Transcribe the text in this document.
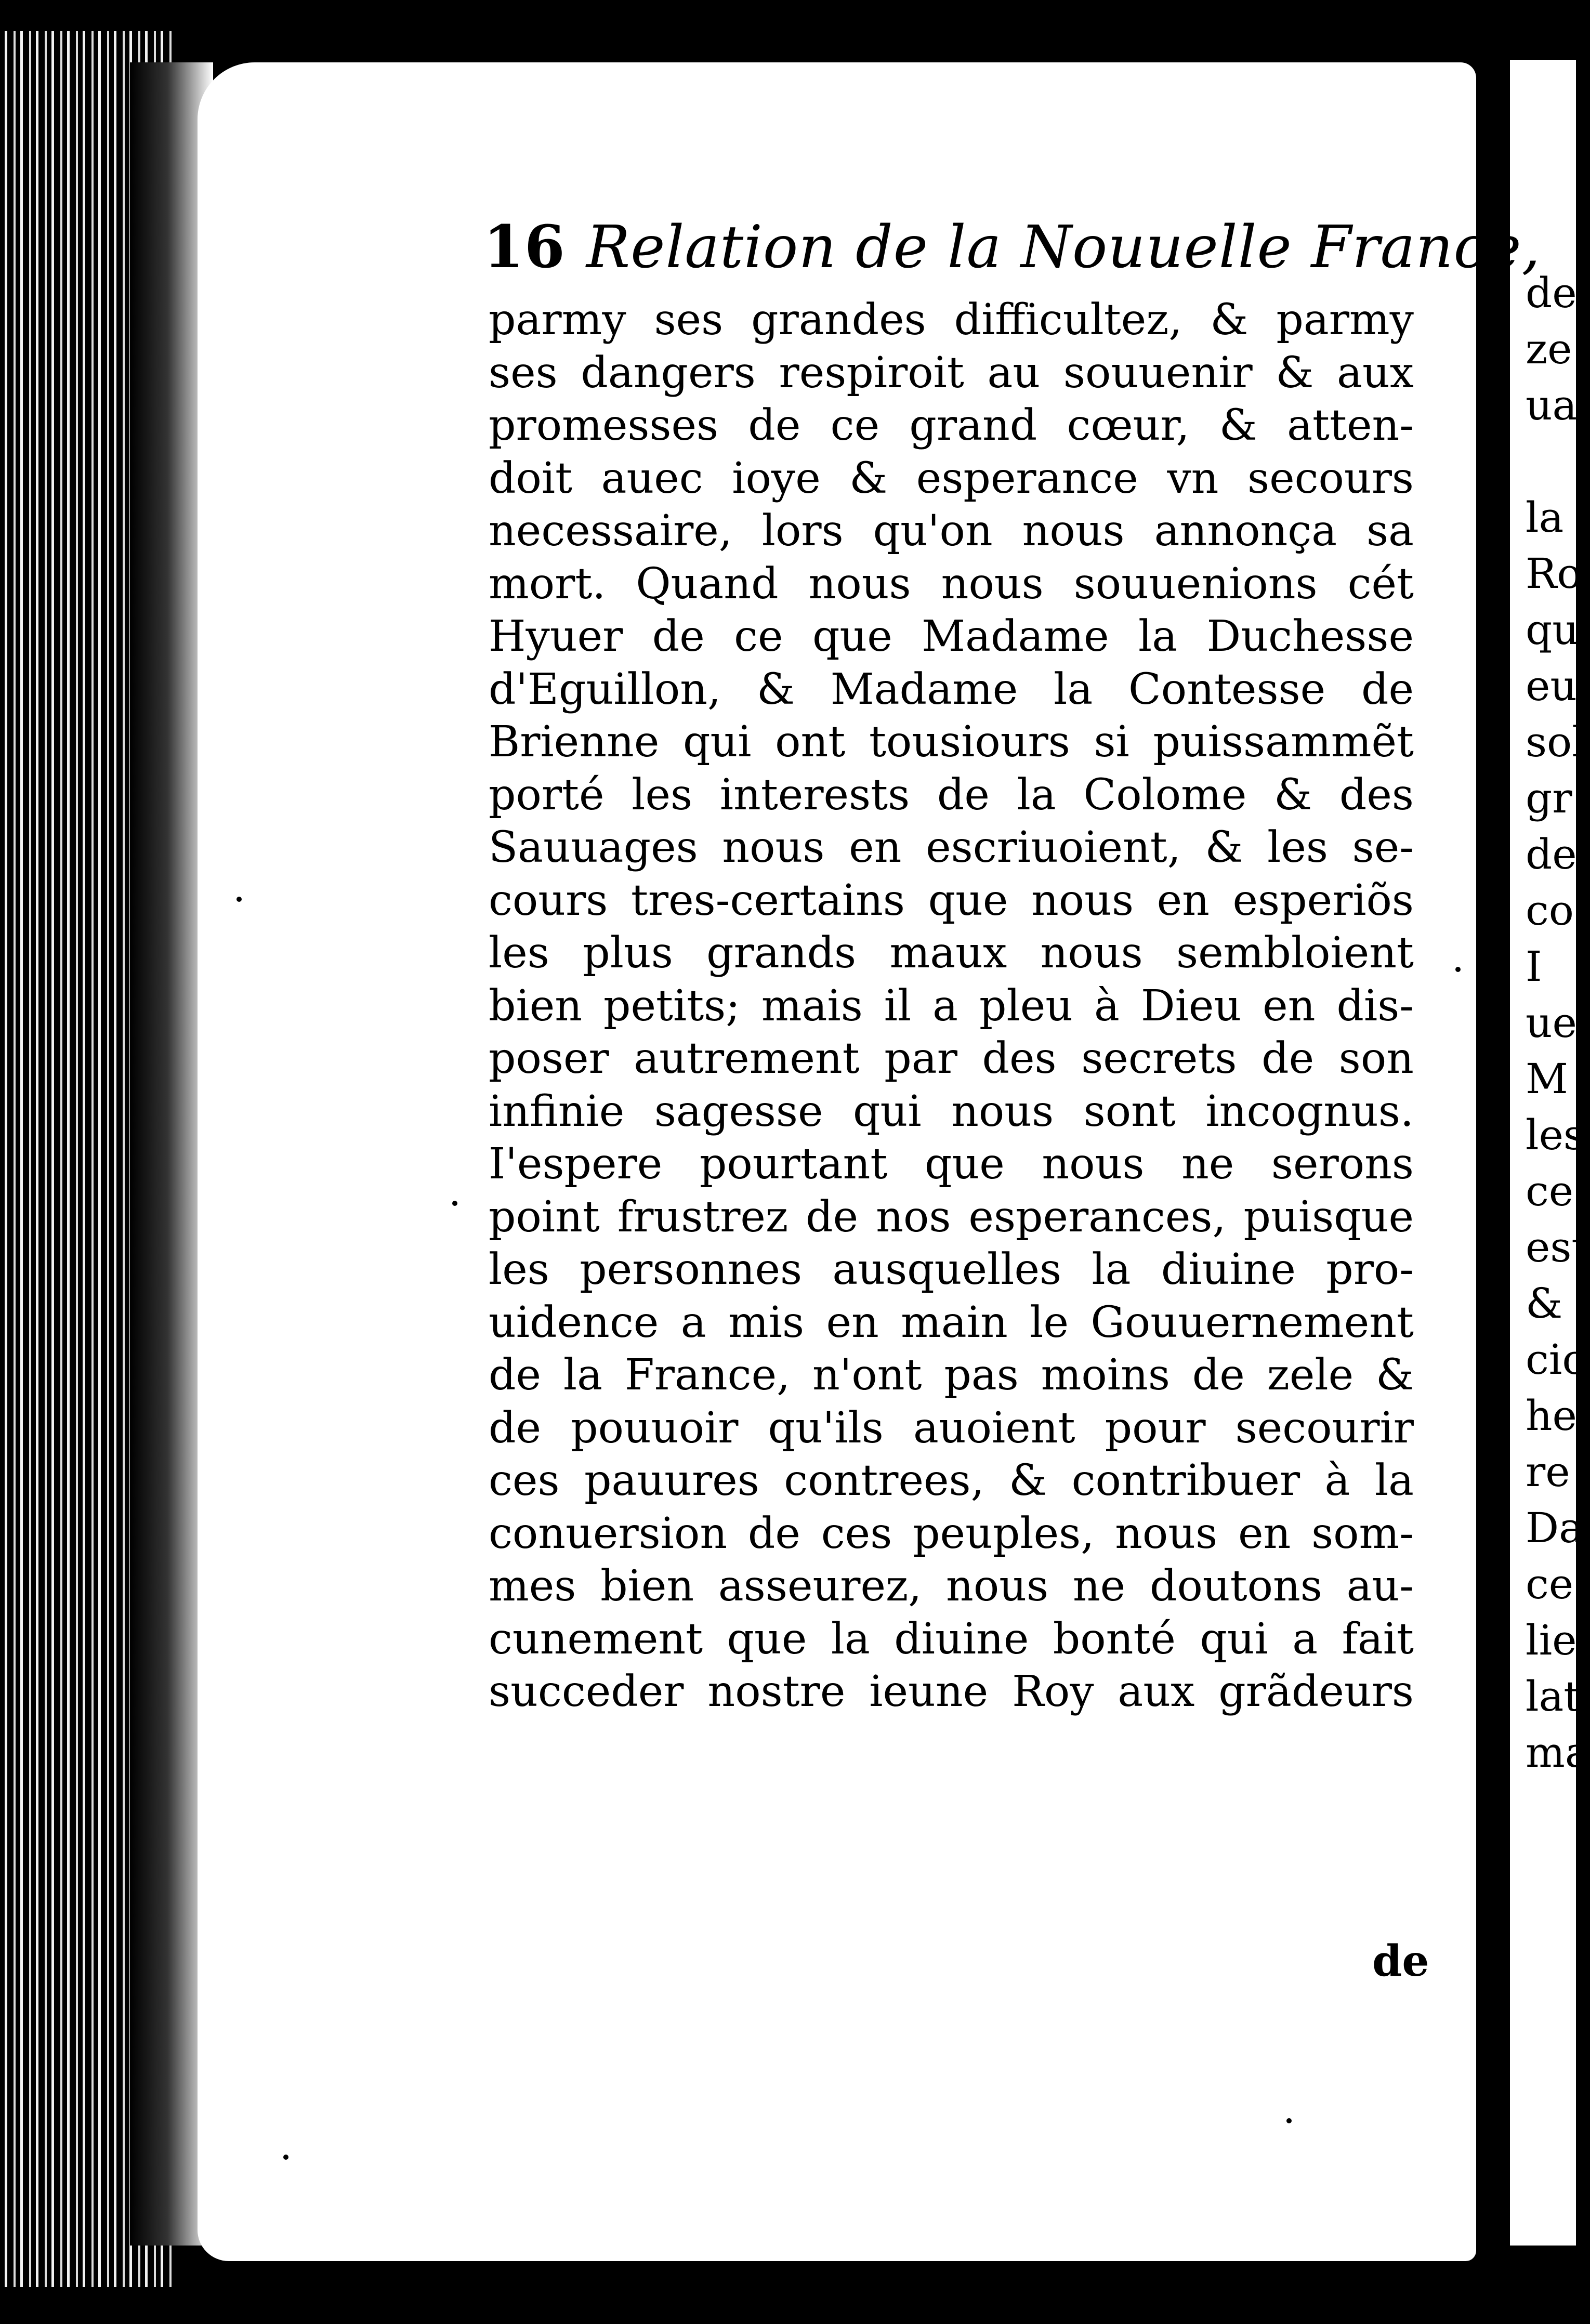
16 Relation de la Nouuelle France,
parmy ses grandes difficultez, & parmy
ses dangers respiroit au souuenir & aux
promesses de ce grand cœur, & atten-
doit auec ioye & esperance vn secours
necessaire, lors qu'on nous annonça sa
mort. Quand nous nous souuenions cét
Hyuer de ce que Madame la Duchesse
d'Eguillon, & Madame la Contesse de
Brienne qui ont tousiours si puissammẽt
porté les interests de la Colome & des
Sauuages nous en escriuoient, & les se-
cours tres-certains que nous en esperiõs
les plus grands maux nous sembloient
bien petits; mais il a pleu à Dieu en dis-
poser autrement par des secrets de son
infinie sagesse qui nous sont incognus.
I'espere pourtant que nous ne serons
point frustrez de nos esperances, puisque
les personnes ausquelles la diuine pro-
uidence a mis en main le Gouuernement
de la France, n'ont pas moins de zele &
de pouuoir qu'ils auoient pour secourir
ces pauures contrees, & contribuer à la
conuersion de ces peuples, nous en som-
mes bien asseurez, nous ne doutons au-
cunement que la diuine bonté qui a fait
succeder nostre ieune Roy aux grãdeurs
de
de
ze
ua

la
Ro
qu
eu
sol
gr
de
co
I
ue
M
les
ce
est
&
cic
he
re
Da
ce
lie
lat
ma
